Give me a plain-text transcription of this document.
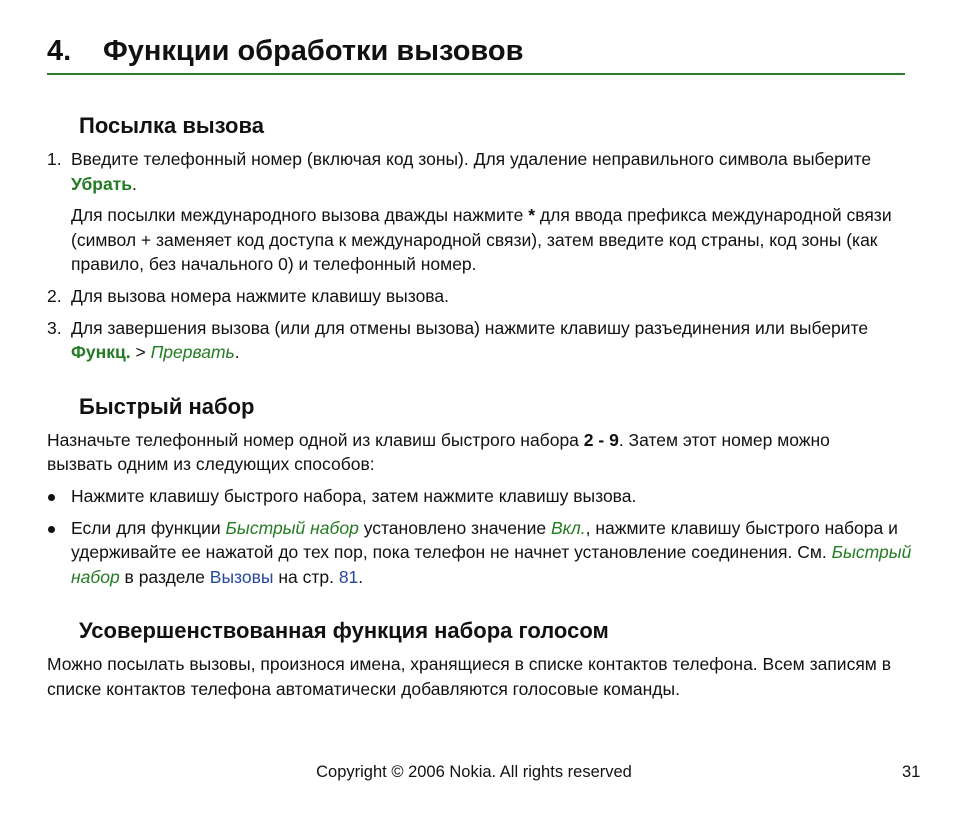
4. Функции обработки вызовов
Посылка вызова
1. Введите телефонный номер (включая код зоны). Для удаление неправильного символа выберите
Убрать.
Для посылки международного вызова дважды нажмите * для ввода префикса международной связи
(символ + заменяет код доступа к международной связи), затем введите код страны, код зоны (как
правило, без начального 0) и телефонный номер.
2. Для вызова номера нажмите клавишу вызова.
3. Для завершения вызова (или для отмены вызова) нажмите клавишу разъединения или выберите
Функц. > Прервать.
Быстрый набор
Назначьте телефонный номер одной из клавиш быстрого набора 2 - 9. Затем этот номер можно
вызвать одним из следующих способов:
Нажмите клавишу быстрого набора, затем нажмите клавишу вызова.
Если для функции Быстрый набор установлено значение Вкл., нажмите клавишу быстрого набора и
удерживайте ее нажатой до тех пор, пока телефон не начнет установление соединения. См. Быстрый
набор в разделе Вызовы на стр. 81.
Усовершенствованная функция набора голосом
Можно посылать вызовы, произнося имена, хранящиеся в списке контактов телефона. Всем записям в
списке контактов телефона автоматически добавляются голосовые команды.
Copyright © 2006 Nokia. All rights reserved	31
